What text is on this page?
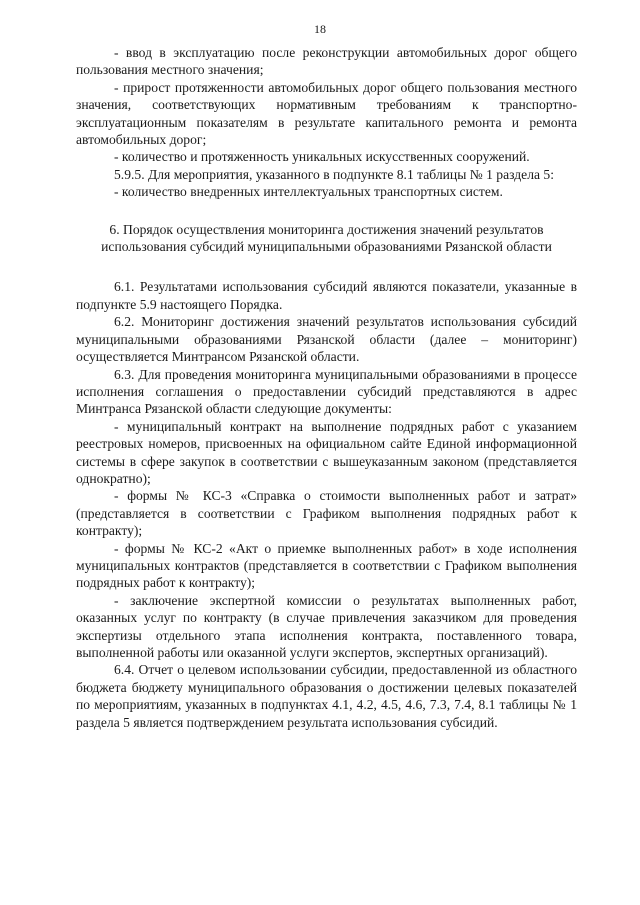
18

- ввод в эксплуатацию после реконструкции автомобильных дорог общего пользования местного значения;

- прирост протяженности автомобильных дорог общего пользования местного значения, соответствующих нормативным требованиям к транспортно-эксплуатационным показателям в результате капитального ремонта и ремонта автомобильных дорог;

- количество и протяженность уникальных искусственных сооружений.

5.9.5. Для мероприятия, указанного в подпункте 8.1 таблицы № 1 раздела 5:

- количество внедренных интеллектуальных транспортных систем.

6. Порядок осуществления мониторинга достижения значений результатов использования субсидий муниципальными образованиями Рязанской области

6.1. Результатами использования субсидий являются показатели, указанные в подпункте 5.9 настоящего Порядка.

6.2. Мониторинг достижения значений результатов использования субсидий муниципальными образованиями Рязанской области (далее – мониторинг) осуществляется Минтрансом Рязанской области.

6.3. Для проведения мониторинга муниципальными образованиями в процессе исполнения соглашения о предоставлении субсидий представляются в адрес Минтранса Рязанской области следующие документы:

- муниципальный контракт на выполнение подрядных работ с указанием реестровых номеров, присвоенных на официальном сайте Единой информационной системы в сфере закупок в соответствии с вышеуказанным законом (представляется однократно);

- формы № КС-3 «Справка о стоимости выполненных работ и затрат» (представляется в соответствии с Графиком выполнения подрядных работ к контракту);

- формы № КС-2 «Акт о приемке выполненных работ» в ходе исполнения муниципальных контрактов (представляется в соответствии с Графиком выполнения подрядных работ к контракту);

- заключение экспертной комиссии о результатах выполненных работ, оказанных услуг по контракту (в случае привлечения заказчиком для проведения экспертизы отдельного этапа исполнения контракта, поставленного товара, выполненной работы или оказанной услуги экспертов, экспертных организаций).

6.4. Отчет о целевом использовании субсидии, предоставленной из областного бюджета бюджету муниципального образования о достижении целевых показателей по мероприятиям, указанных в подпунктах 4.1, 4.2, 4.5, 4.6, 7.3, 7.4, 8.1 таблицы № 1 раздела 5 является подтверждением результата использования субсидий.
